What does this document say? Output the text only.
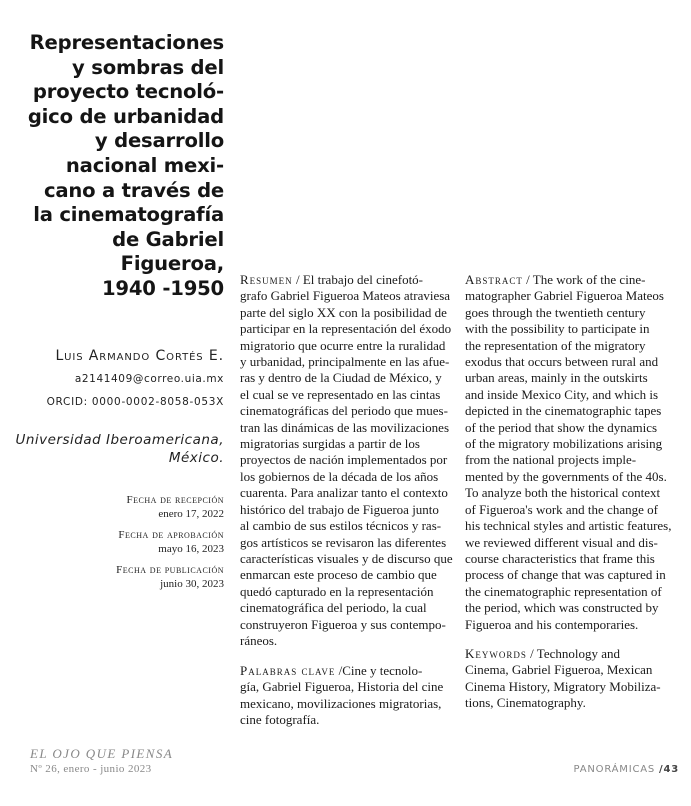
Representaciones
y sombras del
proyecto tecnoló-
gico de urbanidad
y desarrollo
nacional mexi-
cano a través de
la cinematografía
de Gabriel
Figueroa,
1940 -1950
Luis Armando Cortés E.
a2141409@correo.uia.mx
ORCID: 0000-0002-8058-053X
Universidad Iberoamericana,
México.
Fecha de recepción
enero 17, 2022
Fecha de aprobación
mayo 16, 2023
Fecha de publicación
junio 30, 2023
Resumen / El trabajo del cinefotó-
grafo Gabriel Figueroa Mateos atraviesa
parte del siglo XX con la posibilidad de
participar en la representación del éxodo
migratorio que ocurre entre la ruralidad
y urbanidad, principalmente en las afue-
ras y dentro de la Ciudad de México, y
el cual se ve representado en las cintas
cinematográficas del periodo que mues-
tran las dinámicas de las movilizaciones
migratorias surgidas a partir de los
proyectos de nación implementados por
los gobiernos de la década de los años
cuarenta. Para analizar tanto el contexto
histórico del trabajo de Figueroa junto
al cambio de sus estilos técnicos y ras-
gos artísticos se revisaron las diferentes
características visuales y de discurso que
enmarcan este proceso de cambio que
quedó capturado en la representación
cinematográfica del periodo, la cual
construyeron Figueroa y sus contempo-
ráneos.
Palabras clave /Cine y tecnolo-
gía, Gabriel Figueroa, Historia del cine
mexicano, movilizaciones migratorias,
cine fotografía.
Abstract / The work of the cine-
matographer Gabriel Figueroa Mateos
goes through the twentieth century
with the possibility to participate in
the representation of the migratory
exodus that occurs between rural and
urban areas, mainly in the outskirts
and inside Mexico City, and which is
depicted in the cinematographic tapes
of the period that show the dynamics
of the migratory mobilizations arising
from the national projects imple-
mented by the governments of the 40s.
To analyze both the historical context
of Figueroa's work and the change of
his technical styles and artistic features,
we reviewed different visual and dis-
course characteristics that frame this
process of change that was captured in
the cinematographic representation of
the period, which was constructed by
Figueroa and his contemporaries.
Keywords / Technology and
Cinema, Gabriel Figueroa, Mexican
Cinema History, Migratory Mobiliza-
tions, Cinematography.
EL OJO QUE PIENSA
Nº 26, enero - junio 2023	PANORÁMICAS /43
